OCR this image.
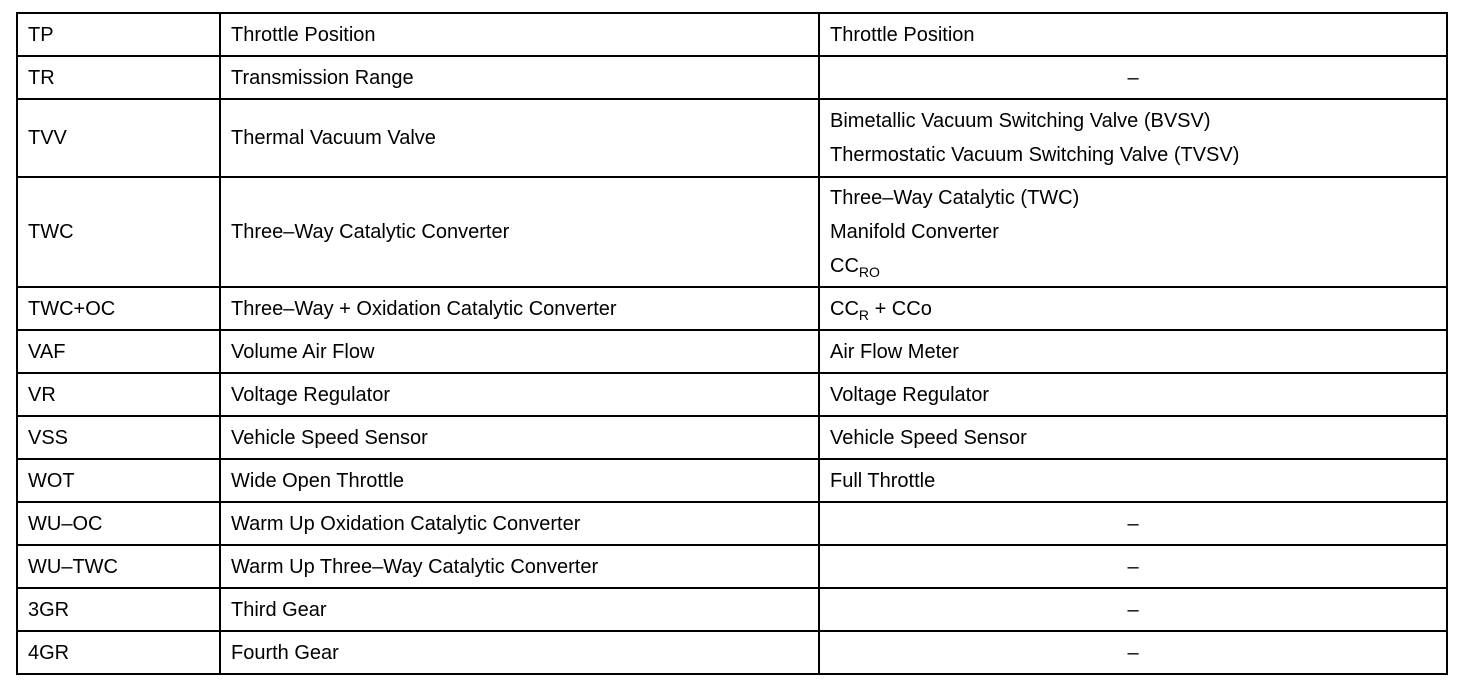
TP	Throttle Position	Throttle Position

TR	Transmission Range	–

TVV	Thermal Vacuum Valve	Bimetallic Vacuum Switching Valve (BVSV)
Thermostatic Vacuum Switching Valve (TVSV)

TWC	Three–Way Catalytic Converter	Three–Way Catalytic (TWC)
Manifold Converter
$CC_{RO}$

TWC+OC	Three–Way + Oxidation Catalytic Converter	$CC_R$ + CCo

VAF	Volume Air Flow	Air Flow Meter

VR	Voltage Regulator	Voltage Regulator

VSS	Vehicle Speed Sensor	Vehicle Speed Sensor

WOT	Wide Open Throttle	Full Throttle

WU–OC	Warm Up Oxidation Catalytic Converter	–

WU–TWC	Warm Up Three–Way Catalytic Converter	–

3GR	Third Gear	–

4GR	Fourth Gear	–
